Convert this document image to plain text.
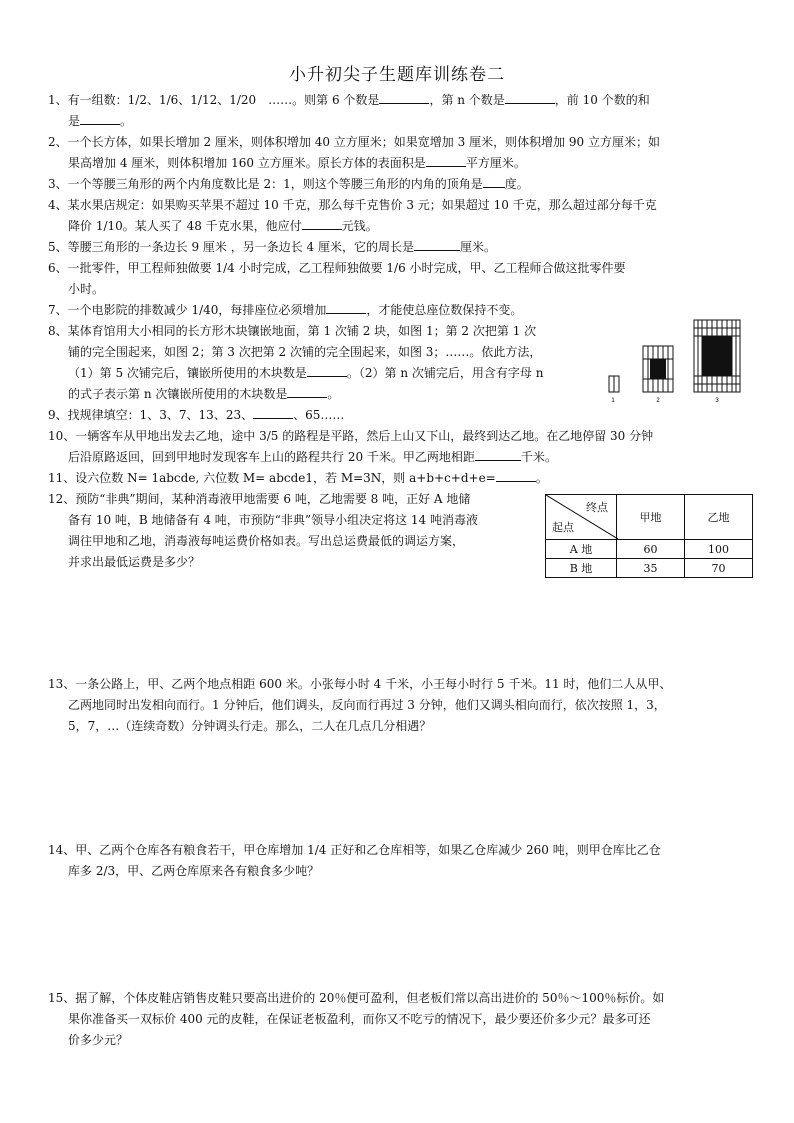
小升初尖子生题库训练卷二

1、有一组数：1/2、1/6、1/12、1/20　……。则第 6 个数是	，第 n 个数是	，前 10 个数的和

是	。

2、一个长方体，如果长增加 2 厘米，则体积增加 40 立方厘米；如果宽增加 3 厘米，则体积增加 90 立方厘米；如

果高增加 4 厘米，则体积增加 160 立方厘米。原长方体的表面积是	平方厘米。

3、一个等腰三角形的两个内角度数比是 2：1，则这个等腰三角形的内角的顶角是 度。

4、某水果店规定：如果购买苹果不超过 10 千克，那么每千克售价 3 元；如果超过 10 千克，那么超过部分每千克

降价 1/10。某人买了 48 千克水果，他应付	元钱。

5、等腰三角形的一条边长 9 厘米 ，另一条边长 4 厘米，它的周长是	厘米。

6、一批零件，甲工程师独做要 1/4 小时完成，乙工程师独做要 1/6 小时完成，甲、乙工程师合做这批零件要

小时。

7、一个电影院的排数减少 1/40，每排座位必须增加	，才能使总座位数保持不变。

8、某体育馆用大小相同的长方形木块镶嵌地面，第 1 次铺 2 块，如图 1；第 2 次把第 1 次

铺的完全围起来，如图 2；第 3 次把第 2 次铺的完全围起来，如图 3；……。依此方法，

（1）第 5 次铺完后，镶嵌所使用的木块数是	。（2）第 n 次铺完后，用含有字母 n

的式子表示第 n 次镶嵌所使用的木块数是	。	1	2	3

9、找规律填空：1、3、7、13、23、	、65……

10、一辆客车从甲地出发去乙地，途中 3/5 的路程是平路，然后上山又下山，最终到达乙地。在乙地停留 30 分钟

后沿原路返回，回到甲地时发现客车上山的路程共行 20 千米。甲乙两地相距	千米。

11、设六位数 N= 1abcde, 六位数 M= abcde1，若 M=3N，则 a+b+c+d+e=	。

12、预防“非典”期间，某种消毒液甲地需要 6 吨，乙地需要 8 吨，正好 A 地储

备有 10 吨，B 地储备有 4 吨，市预防“非典”领导小组决定将这 14 吨消毒液

调往甲地和乙地，消毒液每吨运费价格如表。写出总运费最低的调运方案，

并求出最低运费是多少？

终点
起点	甲地	乙地
A 地	60	100
B 地	35	70

13、一条公路上，甲、乙两个地点相距 600 米。小张每小时 4 千米，小王每小时行 5 千米。11 时，他们二人从甲、

乙两地同时出发相向而行。1 分钟后，他们调头，反向而行再过 3 分钟，他们又调头相向而行，依次按照 1，3，

5，7，…（连续奇数）分钟调头行走。那么，二人在几点几分相遇？

14、甲、乙两个仓库各有粮食若干，甲仓库增加 1/4 正好和乙仓库相等，如果乙仓库减少 260 吨，则甲仓库比乙仓

库多 2/3，甲、乙两仓库原来各有粮食多少吨？

15、据了解，个体皮鞋店销售皮鞋只要高出进价的 20％便可盈利，但老板们常以高出进价的 50％～100％标价。如

果你准备买一双标价 400 元的皮鞋，在保证老板盈利，而你又不吃亏的情况下，最少要还价多少元？最多可还

价多少元？
